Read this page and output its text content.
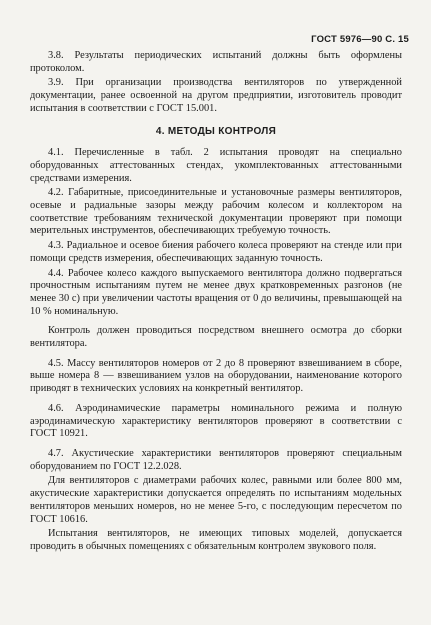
ГОСТ 5976—90 С. 15

3.8. Результаты периодических испытаний должны быть оформлены протоколом.

3.9. При организации производства вентиляторов по утвержденной документации, ранее освоенной на другом предприятии, изготовитель проводит испытания в соответствии с ГОСТ 15.001.

4. МЕТОДЫ КОНТРОЛЯ

4.1. Перечисленные в табл. 2 испытания проводят на специально оборудованных аттестованных стендах, укомплектованных аттестованными средствами измерения.

4.2. Габаритные, присоединительные и установочные размеры вентиляторов, осевые и радиальные зазоры между рабочим колесом и коллектором на соответствие требованиям технической документации проверяют при помощи мерительных инструментов, обеспечивающих требуемую точность.

4.3. Радиальное и осевое биения рабочего колеса проверяют на стенде или при помощи средств измерения, обеспечивающих заданную точность.

4.4. Рабочее колесо каждого выпускаемого вентилятора должно подвергаться прочностным испытаниям путем не менее двух кратковременных разгонов (не менее 30 с) при увеличении частоты вращения от 0 до величины, превышающей на 10 % номинальную.

Контроль должен проводиться посредством внешнего осмотра до сборки вентилятора.

4.5. Массу вентиляторов номеров от 2 до 8 проверяют взвешиванием в сборе, выше номера 8 — взвешиванием узлов на оборудовании, наименование которого приводят в технических условиях на конкретный вентилятор.

4.6. Аэродинамические параметры номинального режима и полную аэродинамическую характеристику вентиляторов проверяют в соответствии с ГОСТ 10921.

4.7. Акустические характеристики вентиляторов проверяют специальным оборудованием по ГОСТ 12.2.028.

Для вентиляторов с диаметрами рабочих колес, равными или более 800 мм, акустические характеристики допускается определять по испытаниям модельных вентиляторов меньших номеров, но не менее 5-го, с последующим пересчетом по ГОСТ 10616.

Испытания вентиляторов, не имеющих типовых моделей, допускается проводить в обычных помещениях с обязательным контролем звукового поля.
